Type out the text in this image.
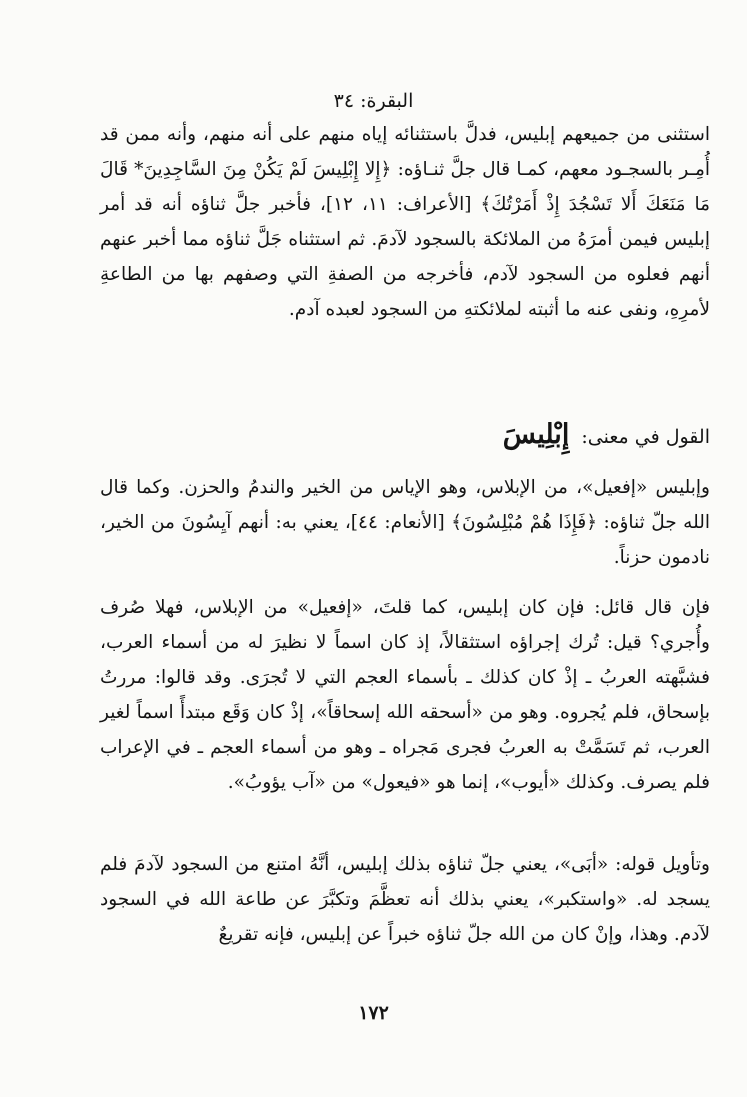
البقرة: ٣٤

استثنى من جميعهم إبليس، فدلَّ باستثنائه إياه منهم على أنه منهم، وأنه ممن قد أُمِـر بالسجـود معهم، كمـا قال جلَّ ثنـاؤه: ﴿إِلا إِبْلِيسَ لَمْ يَكُنْ مِنَ السَّاجِدِينَ* قَالَ مَا مَنَعَكَ أَلا تَسْجُدَ إِذْ أَمَرْتُكَ﴾ [الأعراف: ١١، ١٢]، فأخبر جلَّ ثناؤه أنه قد أمر إبليس فيمن أمرَهُ من الملائكة بالسجود لآدمَ. ثم استثناه جَلَّ ثناؤه مما أخبر عنهم أنهم فعلوه من السجود لآدم، فأخرجه من الصفةِ التي وصفهم بها من الطاعةِ لأمرِهِ، ونفى عنه ما أثبته لملائكتهِ من السجود لعبده آدم.

القول في معنى: إِبْلِيسَ

وإبليس «إفعيل»، من الإبلاس، وهو الإياس من الخير والندمُ والحزن. وكما قال الله جلّ ثناؤه: ﴿فَإِذَا هُمْ مُبْلِسُونَ﴾ [الأنعام: ٤٤]، يعني به: أنهم آيِسُونَ من الخير، نادمون حزناً.

فإن قال قائل: فإن كان إبليس، كما قلتَ، «إفعيل» من الإبلاس، فهلا صُرف وأُجري؟ قيل: تُرك إجراؤه استثقالاً، إذ كان اسماً لا نظيرَ له من أسماء العرب، فشبَّهته العربُ ـ إذْ كان كذلك ـ بأسماء العجم التي لا تُجرَى. وقد قالوا: مررتُ بإسحاق، فلم يُجروه. وهو من «أسحقه الله إسحاقاً»، إذْ كان وَقَع مبتدأً اسماً لغير العرب، ثم تَسَمَّتْ به العربُ فجرى مَجراه ـ وهو من أسماء العجم ـ في الإعراب فلم يصرف. وكذلك «أيوب»، إنما هو «فيعول» من «آب يؤوبُ».

وتأويل قوله: «أبَى»، يعني جلّ ثناؤه بذلك إبليس، أنَّهُ امتنع من السجود لآدمَ فلم يسجد له. «واستكبر»، يعني بذلك أنه تعظَّمَ وتكبَّرَ عن طاعة الله في السجود لآدم. وهذا، وإنْ كان من الله جلّ ثناؤه خبراً عن إبليس، فإنه تقريعٌ

١٧٢
